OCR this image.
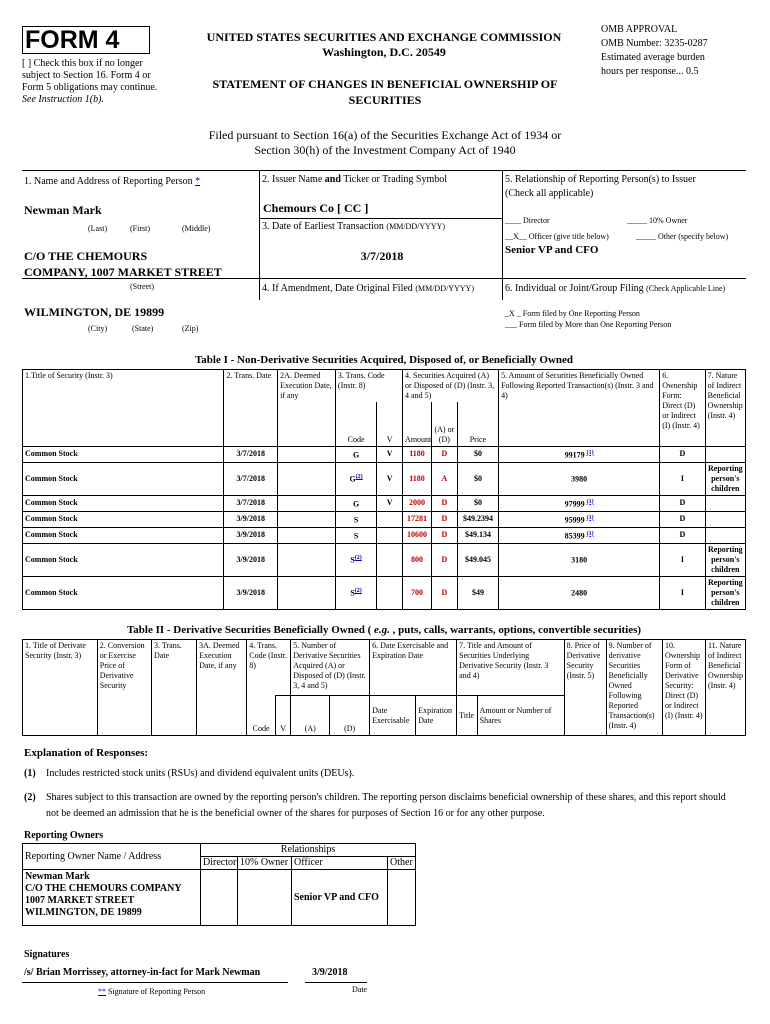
FORM 4
[ ] Check this box if no longer subject to Section 16. Form 4 or Form 5 obligations may continue. See Instruction 1(b).
UNITED STATES SECURITIES AND EXCHANGE COMMISSION
Washington, D.C. 20549
STATEMENT OF CHANGES IN BENEFICIAL OWNERSHIP OF SECURITIES
OMB APPROVAL
OMB Number: 3235-0287
Estimated average burden
hours per response... 0.5
Filed pursuant to Section 16(a) of the Securities Exchange Act of 1934 or
Section 30(h) of the Investment Company Act of 1940
1. Name and Address of Reporting Person *
Newman Mark
(Last)	(First)	(Middle)
C/O THE CHEMOURS
COMPANY, 1007 MARKET STREET
(Street)
WILMINGTON, DE 19899
(City)	(State)	(Zip)
2. Issuer Name and Ticker or Trading Symbol
Chemours Co [ CC ]
3. Date of Earliest Transaction (MM/DD/YYYY)
3/7/2018
4. If Amendment, Date Original Filed (MM/DD/YYYY)
5. Relationship of Reporting Person(s) to Issuer
(Check all applicable)
____ Director	_____ 10% Owner
__X__ Officer (give title below)	_____ Other (specify below)
Senior VP and CFO
6. Individual or Joint/Group Filing (Check Applicable Line)
_X _ Form filed by One Reporting Person
___ Form filed by More than One Reporting Person
Table I - Non-Derivative Securities Acquired, Disposed of, or Beneficially Owned
1.Title of Security (Instr. 3)	2. Trans. Date	2A. Deemed Execution Date, if any	3. Trans. Code (Instr. 8)		4. Securities Acquired (A) or Disposed of (D) (Instr. 3, 4 and 5)			5. Amount of Securities Beneficially Owned Following Reported Transaction(s) (Instr. 3 and 4)	6. Ownership Form: Direct (D) or Indirect (I) (Instr. 4)	7. Nature of Indirect Beneficial Ownership (Instr. 4)
			Code	V	Amount	(A) or (D)	Price			
Common Stock	3/7/2018		G	V	1180	D	$0	99179 $^{(1)}$	D	
Common Stock	3/7/2018		$G^{(2)}$	V	1180	A	$0	3980	I	Reporting person's children
Common Stock	3/7/2018		G	V	2000	D	$0	97999 $^{(1)}$	D	
Common Stock	3/9/2018		S		17281	D	$49.2394	95999 $^{(1)}$	D	
Common Stock	3/9/2018		S		10600	D	$49.134	85399 $^{(1)}$	D	
Common Stock	3/9/2018		$S^{(2)}$		800	D	$49.045	3180	I	Reporting person's children
Common Stock	3/9/2018		$S^{(2)}$		700	D	$49	2480	I	Reporting person's children
Table II - Derivative Securities Beneficially Owned ( e.g. , puts, calls, warrants, options, convertible securities)
1. Title of Derivate Security (Instr. 3)	2. Conversion or Exercise Price of Derivative Security	3. Trans. Date	3A. Deemed Execution Date, if any	4. Trans. Code (Instr. 8)		5. Number of Derivative Securities Acquired (A) or Disposed of (D) (Instr. 3, 4 and 5)		6. Date Exercisable and Expiration Date		7. Title and Amount of Securities Underlying Derivative Security (Instr. 3 and 4)		8. Price of Derivative Security (Instr. 5)	9. Number of derivative Securities Beneficially Owned Following Reported Transaction(s) (Instr. 4)	10. Ownership Form of Derivative Security: Direct (D) or Indirect (I) (Instr. 4)	11. Nature of Indirect Beneficial Ownership (Instr. 4)
				Code	V	(A)	(D)	Date Exercisable	Expiration Date	Title	Amount or Number of Shares				
Explanation of Responses:
(1)	Includes restricted stock units (RSUs) and dividend equivalent units (DEUs).
(2)	Shares subject to this transaction are owned by the reporting person's children. The reporting person disclaims beneficial ownership of these shares, and this report should not be deemed an admission that he is the beneficial owner of the shares for purposes of Section 16 or for any other purpose.
Reporting Owners
Reporting Owner Name / Address	Relationships			
	Director	10% Owner	Officer	Other

Newman Mark
C/O THE CHEMOURS COMPANY
1007 MARKET STREET
WILMINGTON, DE 19899			Senior VP and CFO	
Signatures
/s/ Brian Morrissey, attorney-in-fact for Mark Newman	3/9/2018
** Signature of Reporting Person	Date
